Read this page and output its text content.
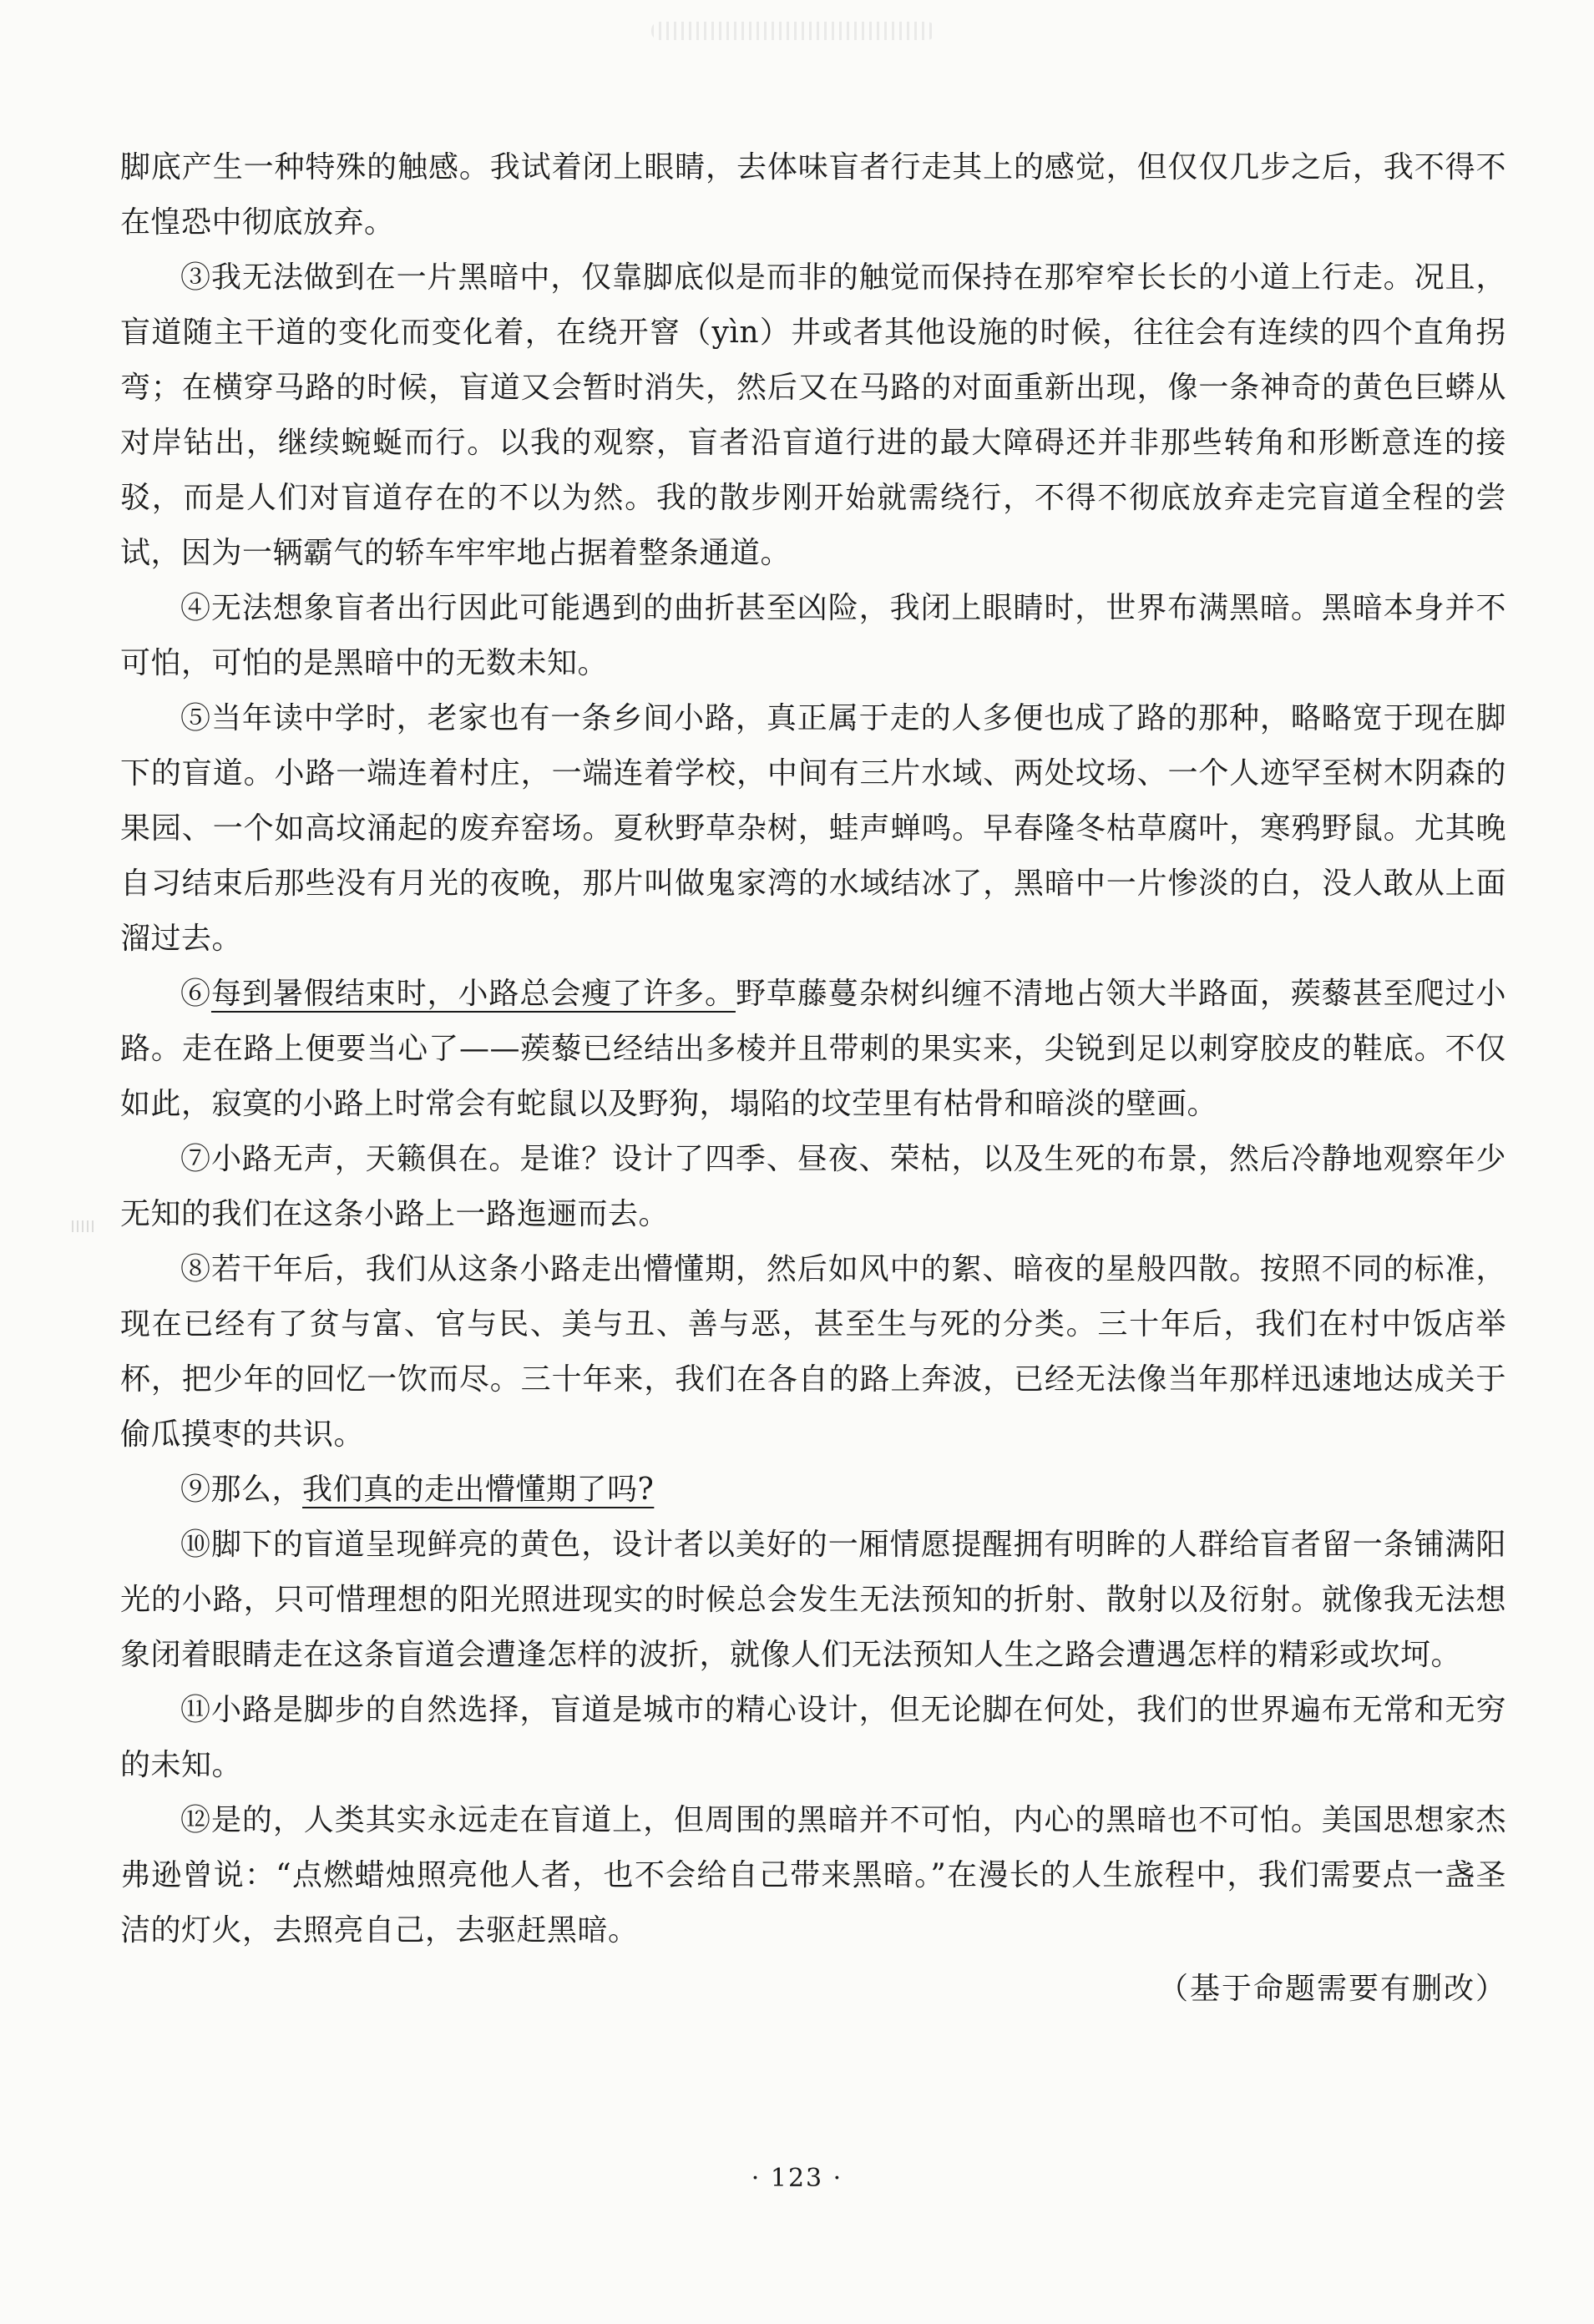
脚底产生一种特殊的触感。我试着闭上眼睛，去体味盲者行走其上的感觉，但仅仅几步之后，我不得不在惶恐中彻底放弃。

③我无法做到在一片黑暗中，仅靠脚底似是而非的触觉而保持在那窄窄长长的小道上行走。况且，盲道随主干道的变化而变化着，在绕开窨（yìn）井或者其他设施的时候，往往会有连续的四个直角拐弯；在横穿马路的时候，盲道又会暂时消失，然后又在马路的对面重新出现，像一条神奇的黄色巨蟒从对岸钻出，继续蜿蜒而行。以我的观察，盲者沿盲道行进的最大障碍还并非那些转角和形断意连的接驳，而是人们对盲道存在的不以为然。我的散步刚开始就需绕行，不得不彻底放弃走完盲道全程的尝试，因为一辆霸气的轿车牢牢地占据着整条通道。

④无法想象盲者出行因此可能遇到的曲折甚至凶险，我闭上眼睛时，世界布满黑暗。黑暗本身并不可怕，可怕的是黑暗中的无数未知。

⑤当年读中学时，老家也有一条乡间小路，真正属于走的人多便也成了路的那种，略略宽于现在脚下的盲道。小路一端连着村庄，一端连着学校，中间有三片水域、两处坟场、一个人迹罕至树木阴森的果园、一个如高坟涌起的废弃窑场。夏秋野草杂树，蛙声蝉鸣。早春隆冬枯草腐叶，寒鸦野鼠。尤其晚自习结束后那些没有月光的夜晚，那片叫做鬼家湾的水域结冰了，黑暗中一片惨淡的白，没人敢从上面溜过去。

⑥每到暑假结束时，小路总会瘦了许多。野草藤蔓杂树纠缠不清地占领大半路面，蒺藜甚至爬过小路。走在路上便要当心了——蒺藜已经结出多棱并且带刺的果实来，尖锐到足以刺穿胶皮的鞋底。不仅如此，寂寞的小路上时常会有蛇鼠以及野狗，塌陷的坟茔里有枯骨和暗淡的壁画。

⑦小路无声，天籁俱在。是谁？设计了四季、昼夜、荣枯，以及生死的布景，然后冷静地观察年少无知的我们在这条小路上一路迤逦而去。

⑧若干年后，我们从这条小路走出懵懂期，然后如风中的絮、暗夜的星般四散。按照不同的标准，现在已经有了贫与富、官与民、美与丑、善与恶，甚至生与死的分类。三十年后，我们在村中饭店举杯，把少年的回忆一饮而尽。三十年来，我们在各自的路上奔波，已经无法像当年那样迅速地达成关于偷瓜摸枣的共识。

⑨那么，我们真的走出懵懂期了吗?

⑩脚下的盲道呈现鲜亮的黄色，设计者以美好的一厢情愿提醒拥有明眸的人群给盲者留一条铺满阳光的小路，只可惜理想的阳光照进现实的时候总会发生无法预知的折射、散射以及衍射。就像我无法想象闭着眼睛走在这条盲道会遭逢怎样的波折，就像人们无法预知人生之路会遭遇怎样的精彩或坎坷。

⑪小路是脚步的自然选择，盲道是城市的精心设计，但无论脚在何处，我们的世界遍布无常和无穷的未知。

⑫是的，人类其实永远走在盲道上，但周围的黑暗并不可怕，内心的黑暗也不可怕。美国思想家杰弗逊曾说：“点燃蜡烛照亮他人者，也不会给自己带来黑暗。”在漫长的人生旅程中，我们需要点一盏圣洁的灯火，去照亮自己，去驱赶黑暗。

（基于命题需要有删改）
· 123 ·
